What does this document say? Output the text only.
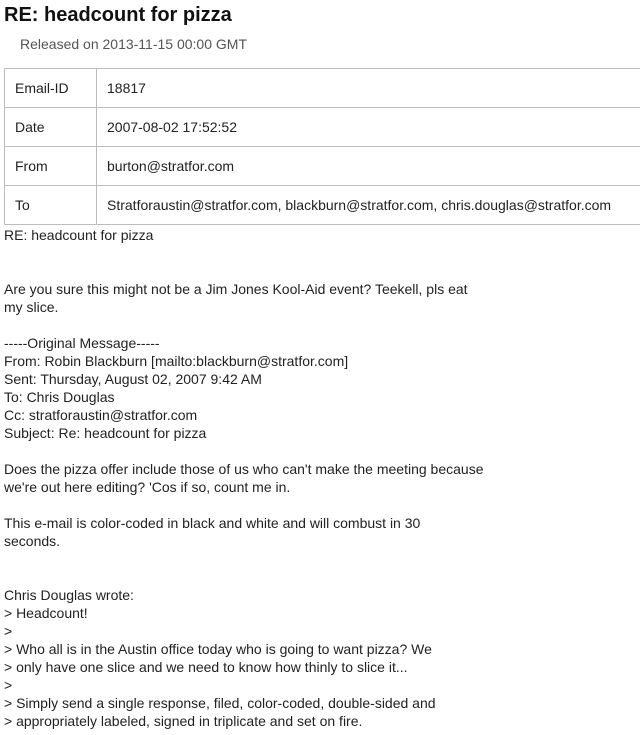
RE: headcount for pizza
Released on 2013-11-15 00:00 GMT
Email-ID	18817
Date	2007-08-02 17:52:52
From	burton@stratfor.com
To	Stratforaustin@stratfor.com, blackburn@stratfor.com, chris.douglas@stratfor.com
RE: headcount for pizza

Are you sure this might not be a Jim Jones Kool-Aid event? Teekell, pls eat
my slice.

-----Original Message-----
From: Robin Blackburn [mailto:blackburn@stratfor.com]
Sent: Thursday, August 02, 2007 9:42 AM
To: Chris Douglas
Cc: stratforaustin@stratfor.com
Subject: Re: headcount for pizza

Does the pizza offer include those of us who can't make the meeting because
we're out here editing? 'Cos if so, count me in.

This e-mail is color-coded in black and white and will combust in 30
seconds.

Chris Douglas wrote:
> Headcount!
>
> Who all is in the Austin office today who is going to want pizza? We
> only have one slice and we need to know how thinly to slice it...
>
> Simply send a single response, filed, color-coded, double-sided and
> appropriately labeled, signed in triplicate and set on fire.
